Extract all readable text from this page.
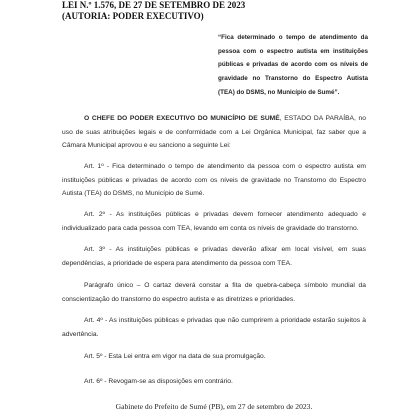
LEI N.º 1.576, DE 27 DE SETEMBRO DE 2023
(AUTORIA: PODER EXECUTIVO)
“Fica determinado o tempo de atendimento da pessoa com o espectro autista em instituições públicas e privadas de acordo com os níveis de gravidade no Transtorno do Espectro Autista (TEA) do DSMS, no Município de Sumé”.

O CHEFE DO PODER EXECUTIVO DO MUNICÍPIO DE SUMÉ, ESTADO DA PARAÍBA, no uso de suas atribuições legais e de conformidade com a Lei Orgânica Municipal, faz saber que a Câmara Municipal aprovou e eu sanciono a seguinte Lei:

Art. 1º - Fica determinado o tempo de atendimento da pessoa com o espectro autista em instituições públicas e privadas de acordo com os níveis de gravidade no Transtorno do Espectro Autista (TEA) do DSMS, no Município de Sumé.

Art. 2º - As instituições públicas e privadas devem fornecer atendimento adequado e individualizado para cada pessoa com TEA, levando em conta os níveis de gravidade do transtorno.

Art. 3º - As instituições públicas e privadas deverão afixar em local visível, em suas dependências, a prioridade de espera para atendimento da pessoa com TEA.

Parágrafo único – O cartaz deverá constar a fita de quebra-cabeça símbolo mundial da conscientização do transtorno do espectro autista e as diretrizes e prioridades.

Art. 4º - As instituições públicas e privadas que não cumprirem a prioridade estarão sujeitos à advertência.

Art. 5º - Esta Lei entra em vigor na data de sua promulgação.

Art. 6º - Revogam-se as disposições em contrário.

Gabinete do Prefeito de Sumé (PB), em 27 de setembro de 2023.
